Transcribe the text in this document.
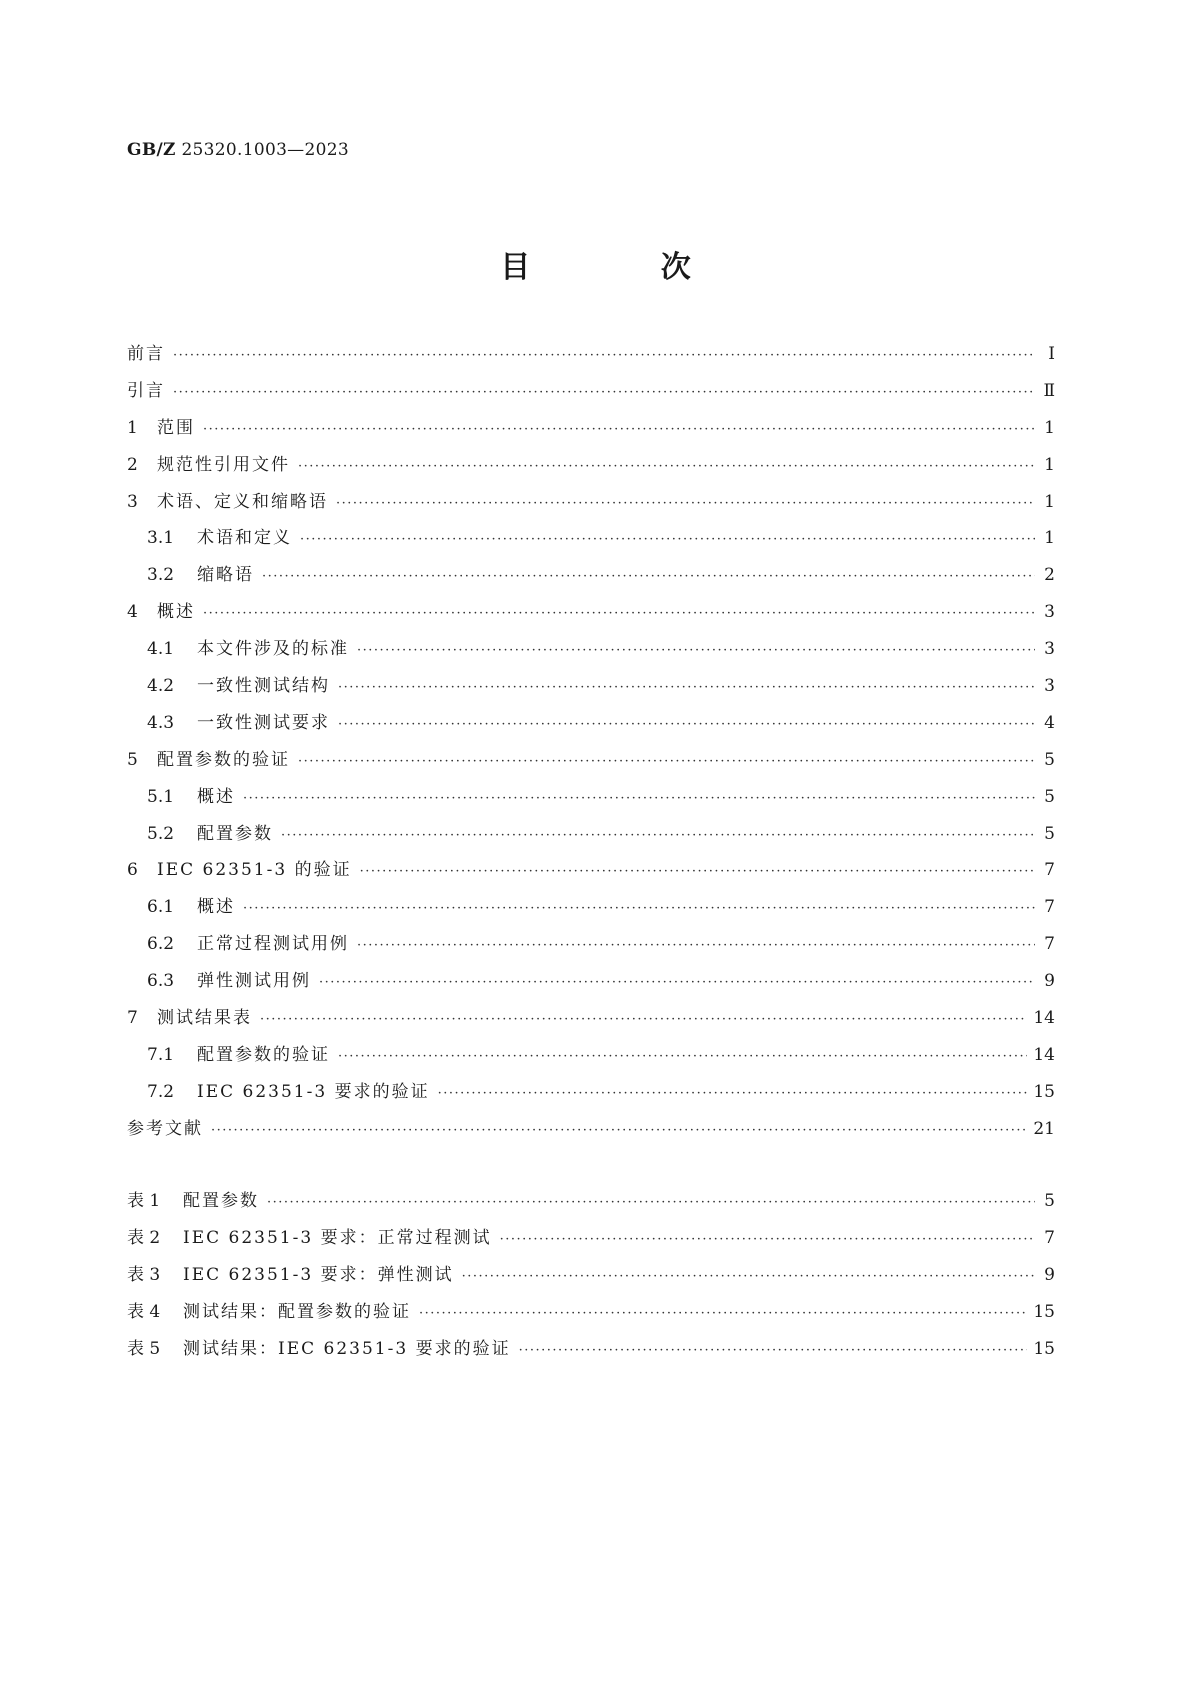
GB/Z 25320.1003—2023
目 次
前言 ·····	Ⅰ
引言 ·····	Ⅱ
1	范围 ·····	1
2	规范性引用文件 ·····	1
3	术语、定义和缩略语 ·····	1
3.1	术语和定义 ·····	1
3.2	缩略语 ·····	2
4	概述 ·····	3
4.1	本文件涉及的标准 ·····	3
4.2	一致性测试结构 ·····	3
4.3	一致性测试要求 ·····	4
5	配置参数的验证 ·····	5
5.1	概述 ·····	5
5.2	配置参数 ·····	5
6	IEC 62351-3 的验证 ·····	7
6.1	概述 ·····	7
6.2	正常过程测试用例 ·····	7
6.3	弹性测试用例 ·····	9
7	测试结果表 ·····	14
7.1	配置参数的验证 ·····	14
7.2	IEC 62351-3 要求的验证 ·····	15
参考文献 ·····	21
表 1	配置参数 ·····	5
表 2	IEC 62351-3 要求：正常过程测试 ·····	7
表 3	IEC 62351-3 要求：弹性测试 ·····	9
表 4	测试结果：配置参数的验证 ·····	15
表 5	测试结果：IEC 62351-3 要求的验证 ·····	15
